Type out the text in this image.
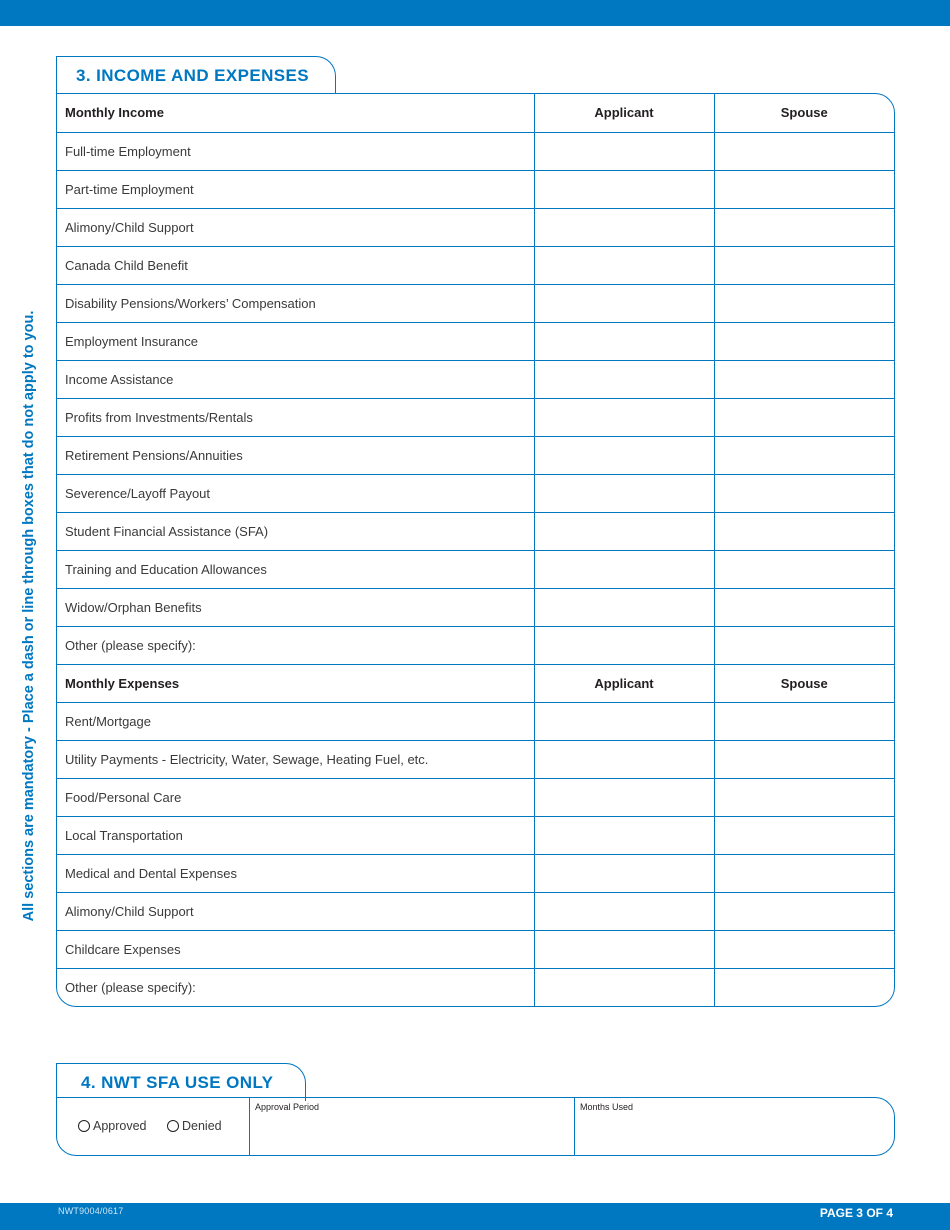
All sections are mandatory - Place a dash or line through boxes that do not apply to you.
3. INCOME AND EXPENSES
Monthly Income	Applicant	Spouse
Full-time Employment		
Part-time Employment		
Alimony/Child Support		
Canada Child Benefit		
Disability Pensions/Workers’ Compensation		
Employment Insurance		
Income Assistance		
Profits from Investments/Rentals		
Retirement Pensions/Annuities		
Severence/Layoff Payout		
Student Financial Assistance (SFA)		
Training and Education Allowances		
Widow/Orphan Benefits		
Other (please specify):		
Monthly Expenses	Applicant	Spouse
Rent/Mortgage		
Utility Payments - Electricity, Water, Sewage, Heating Fuel, etc.		
Food/Personal Care		
Local Transportation		
Medical and Dental Expenses		
Alimony/Child Support		
Childcare Expenses		
Other (please specify):		
4. NWT SFA USE ONLY
Approved	Denied
Approval Period	Months Used
NWT9004/0617	PAGE 3 OF 4
